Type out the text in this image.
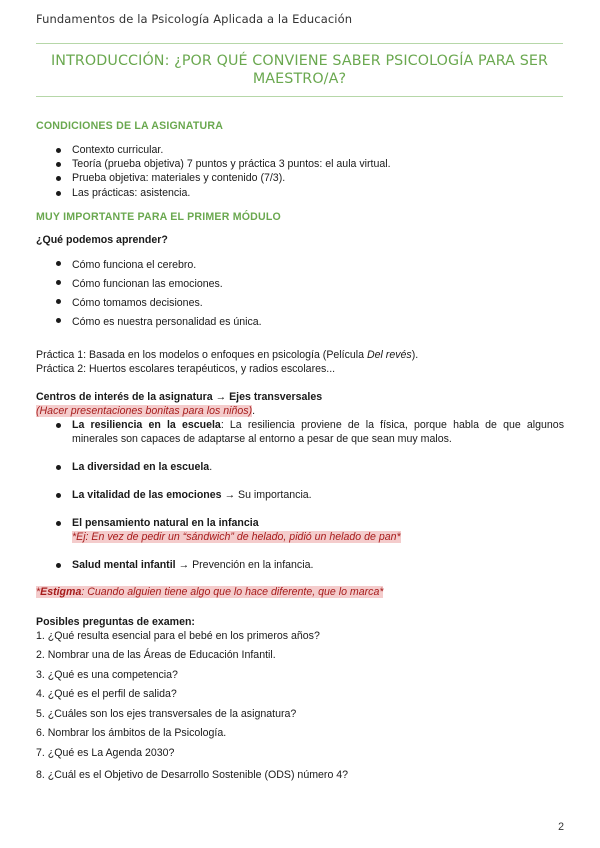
Fundamentos de la Psicología Aplicada a la Educación
INTRODUCCIÓN: ¿POR QUÉ CONVIENE SABER PSICOLOGÍA PARA SER MAESTRO/A?

CONDICIONES DE LA ASIGNATURA

Contexto curricular.
Teoría (prueba objetiva) 7 puntos y práctica 3 puntos: el aula virtual.
Prueba objetiva: materiales y contenido (7/3).
Las prácticas: asistencia.

MUY IMPORTANTE PARA EL PRIMER MÓDULO

¿Qué podemos aprender?

Cómo funciona el cerebro.
Cómo funcionan las emociones.
Cómo tomamos decisiones.
Cómo es nuestra personalidad es única.

Práctica 1: Basada en los modelos o enfoques en psicología (Película Del revés).

Práctica 2: Huertos escolares terapéuticos, y radios escolares...

Centros de interés de la asignatura → Ejes transversales

(Hacer presentaciones bonitas para los niños).

La resiliencia en la escuela: La resiliencia proviene de la física, porque habla de que algunos minerales son capaces de adaptarse al entorno a pesar de que sean muy malos.
La diversidad en la escuela.
La vitalidad de las emociones → Su importancia.
El pensamiento natural en la infancia
*Ej: En vez de pedir un “sándwich” de helado, pidió un helado de pan*
Salud mental infantil → Prevención en la infancia.

*Estigma: Cuando alguien tiene algo que lo hace diferente, que lo marca*

Posibles preguntas de examen:

1. ¿Qué resulta esencial para el bebé en los primeros años?
2. Nombrar una de las Áreas de Educación Infantil.
3. ¿Qué es una competencia?
4. ¿Qué es el perfil de salida?
5. ¿Cuáles son los ejes transversales de la asignatura?
6. Nombrar los ámbitos de la Psicología.
7. ¿Qué es La Agenda 2030?
8. ¿Cuál es el Objetivo de Desarrollo Sostenible (ODS) número 4?
2
